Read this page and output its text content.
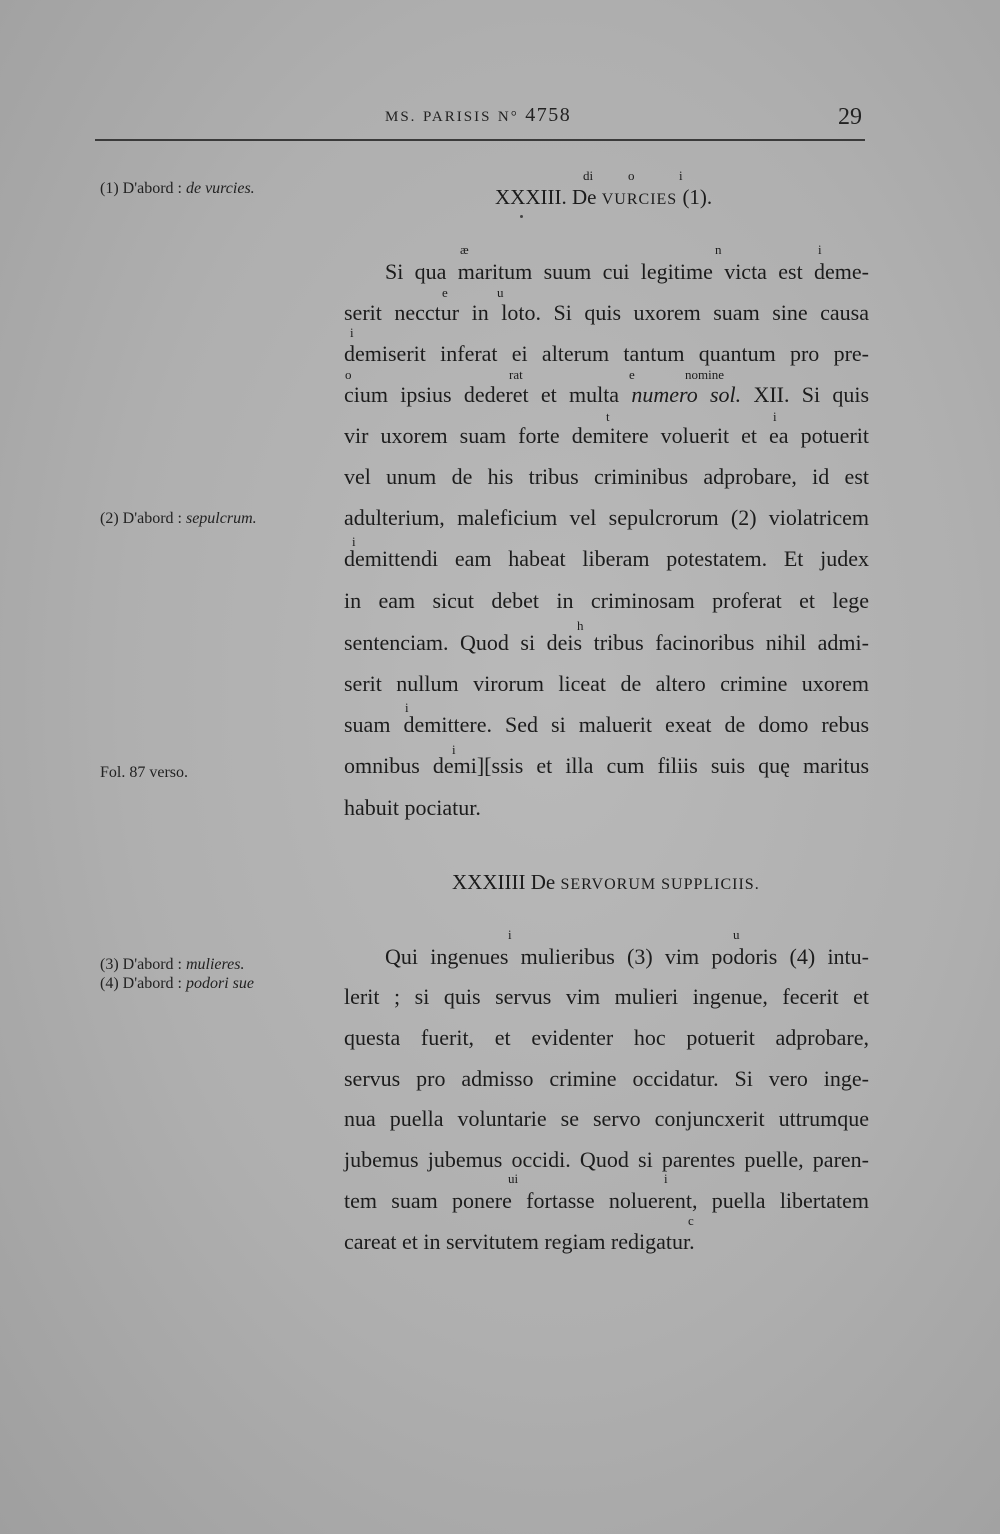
MS. PARISIS N° 4758	29
(1) D'abord : de vurcies.
(2) D'abord : sepulcrum.
Fol. 87 verso.
(3) D'abord : mulieres.
(4) D'abord : podori sue
di	o	i
XXXIII. De VURCIES (1).
æ	n	i
e	u
i
o	rat	e	nomine
t	i
i
h
i
i
Si qua maritum suum cui legitime victa est deme-
serit necctur in loto. Si quis uxorem suam sine causa
demiserit inferat ei alterum tantum quantum pro pre-
cium ipsius dederet et multa numero sol. XII. Si quis
vir uxorem suam forte demitere voluerit et ea potuerit
vel unum de his tribus criminibus adprobare, id est
adulterium, maleficium vel sepulcrorum (2) violatricem
demittendi eam habeat liberam potestatem. Et judex
in eam sicut debet in criminosam proferat et lege
sentenciam. Quod si deis tribus facinoribus nihil admi-
serit nullum virorum liceat de altero crimine uxorem
suam demittere. Sed si maluerit exeat de domo rebus
omnibus demi][ssis et illa cum filiis suis quę maritus
habuit pociatur.
XXXIIII De SERVORUM SUPPLICIIS.
i	u
ui	i
c
Qui ingenues mulieribus (3) vim podoris (4) intu-
lerit ; si quis servus vim mulieri ingenue, fecerit et
questa fuerit, et evidenter hoc potuerit adprobare,
servus pro admisso crimine occidatur. Si vero inge-
nua puella voluntarie se servo conjuncxerit uttrumque
jubemus jubemus occidi. Quod si parentes puelle, paren-
tem suam ponere fortasse noluerent, puella libertatem
careat et in servitutem regiam redigatur.
